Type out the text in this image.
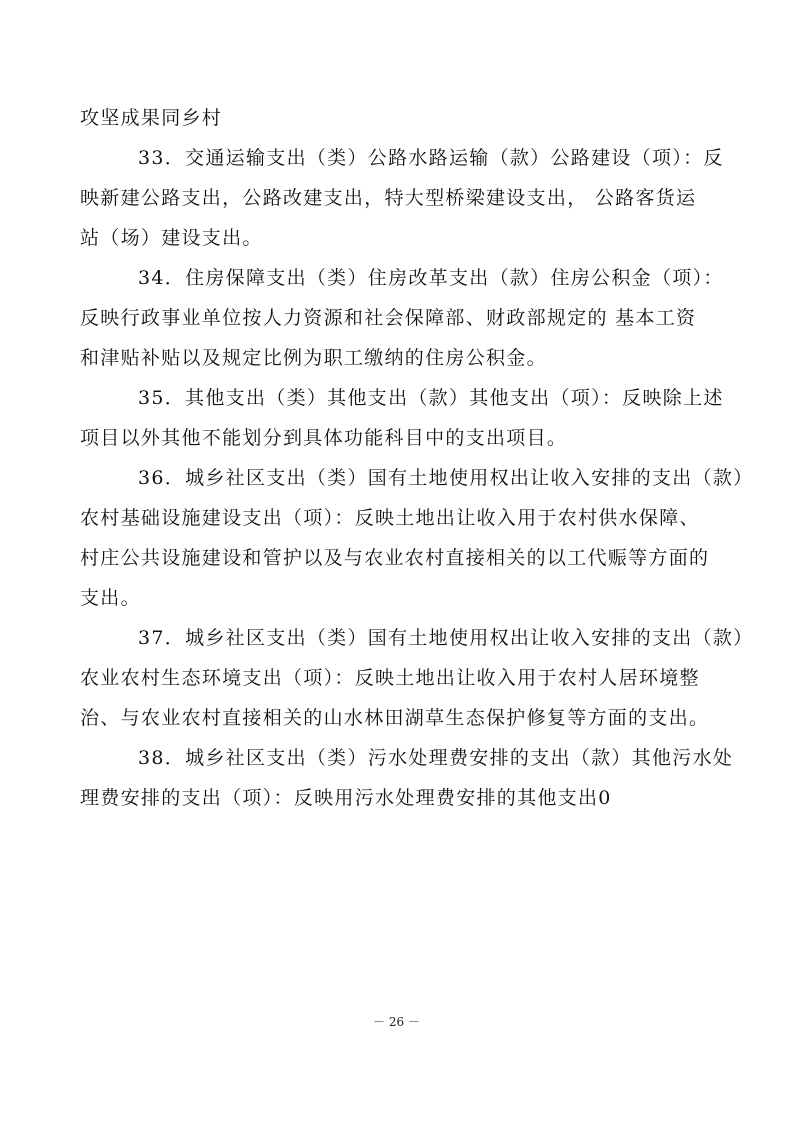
攻坚成果同乡村
33．交通运输支出（类）公路水路运输（款）公路建设（项）：反
映新建公路支出，公路改建支出，特大型桥梁建设支出， 公路客货运
站（场）建设支出。
34．住房保障支出（类）住房改革支出（款）住房公积金（项）：
反映行政事业单位按人力资源和社会保障部、财政部规定的 基本工资
和津贴补贴以及规定比例为职工缴纳的住房公积金。
35．其他支出（类）其他支出（款）其他支出（项）：反映除上述
项目以外其他不能划分到具体功能科目中的支出项目。
36．城乡社区支出（类）国有土地使用权出让收入安排的支出（款）
农村基础设施建设支出（项）：反映土地出让收入用于农村供水保障、
村庄公共设施建设和管护以及与农业农村直接相关的以工代赈等方面的
支出。
37．城乡社区支出（类）国有土地使用权出让收入安排的支出（款）
农业农村生态环境支出（项）：反映土地出让收入用于农村人居环境整
治、与农业农村直接相关的山水林田湖草生态保护修复等方面的支出。
38．城乡社区支出（类）污水处理费安排的支出（款）其他污水处
理费安排的支出（项）：反映用污水处理费安排的其他支出0
－ 26 －
